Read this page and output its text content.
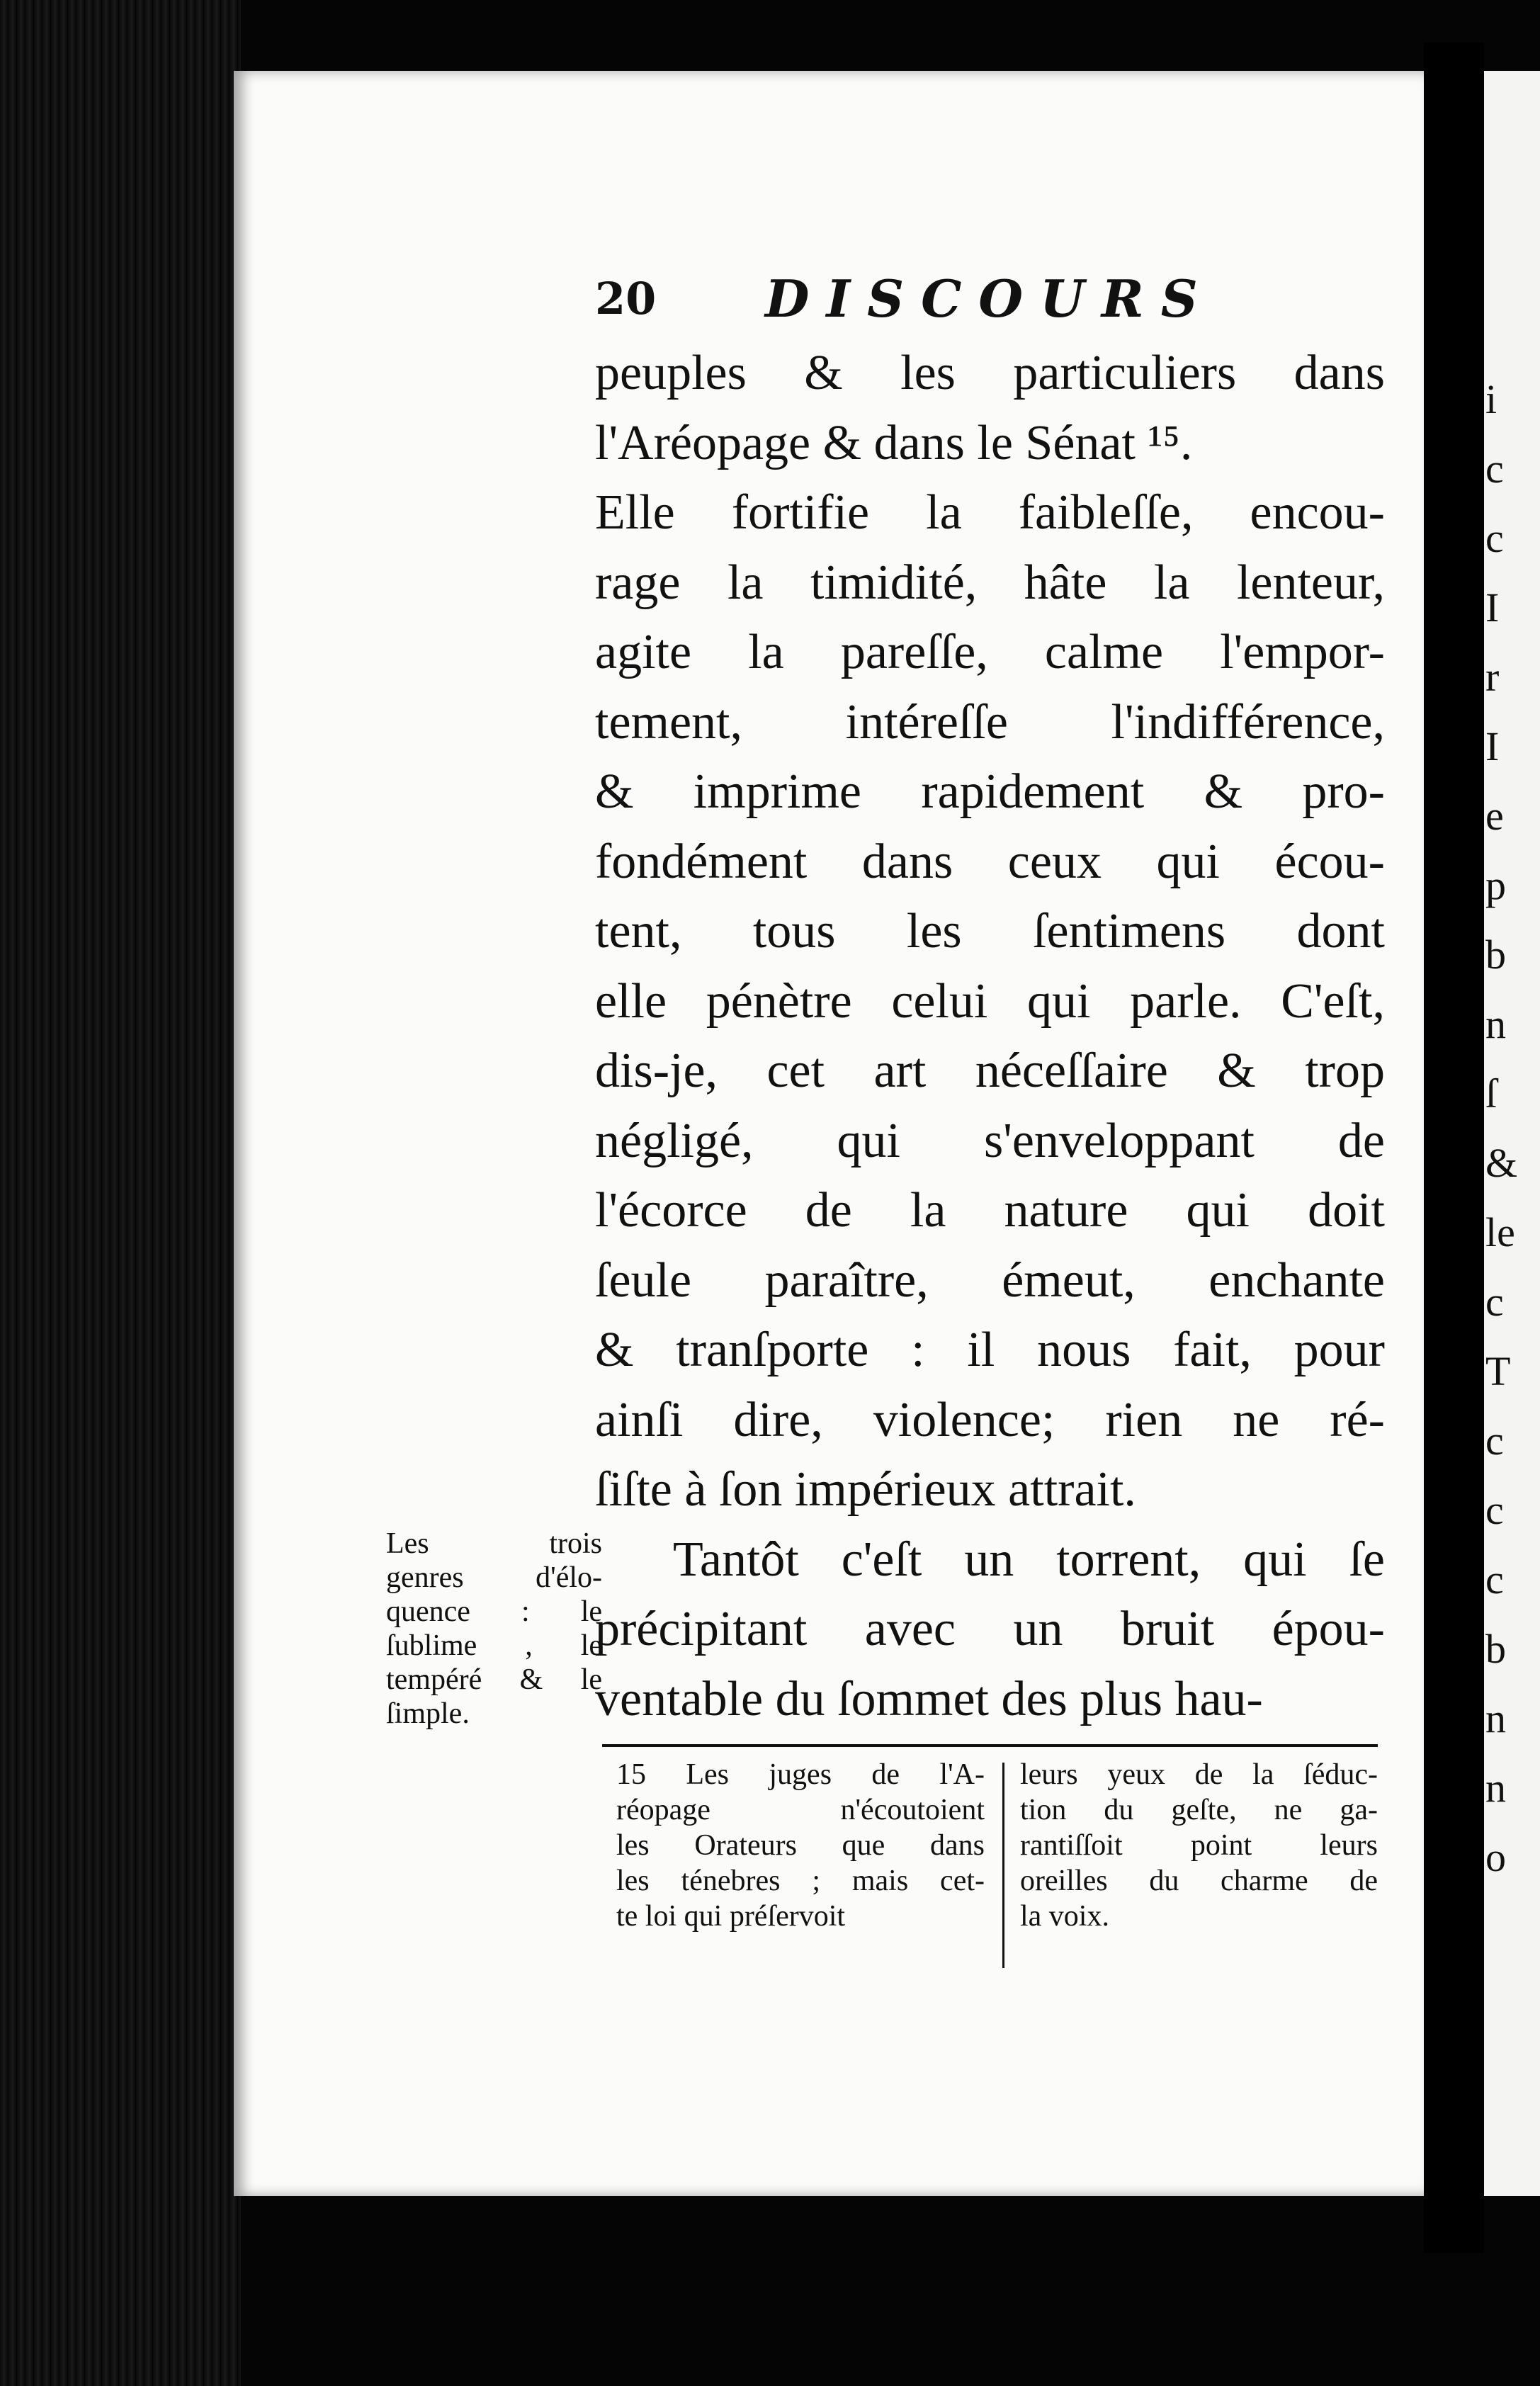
i
c
c
I
r
I
e
p
b
n
ſ
&
le
c
T
c
c
c
b
n
n
o
20 DISCOURS
peuples & les particuliers dans
l'Aréopage & dans le Sénat ¹⁵.
Elle fortifie la faibleſſe, encou-
rage la timidité, hâte la lenteur,
agite la pareſſe, calme l'empor-
tement, intéreſſe l'indifférence,
& imprime rapidement & pro-
fondément dans ceux qui écou-
tent, tous les ſentimens dont
elle pénètre celui qui parle. C'eſt,
dis-je, cet art néceſſaire & trop
négligé, qui s'enveloppant de
l'écorce de la nature qui doit
ſeule paraître, émeut, enchante
& tranſporte : il nous fait, pour
ainſi dire, violence; rien ne ré-
ſiſte à ſon impérieux attrait.
Tantôt c'eſt un torrent, qui ſe
précipitant avec un bruit épou-
ventable du ſommet des plus hau-
Les trois
genres d'élo-
quence : le
ſublime , le
tempéré & le
ſimple.
15 Les juges de l'A-
réopage n'écoutoient
les Orateurs que dans
les ténebres ; mais cet-
te loi qui préſervoit
leurs yeux de la ſéduc-
tion du geſte, ne ga-
rantiſſoit point leurs
oreilles du charme de
la voix.
